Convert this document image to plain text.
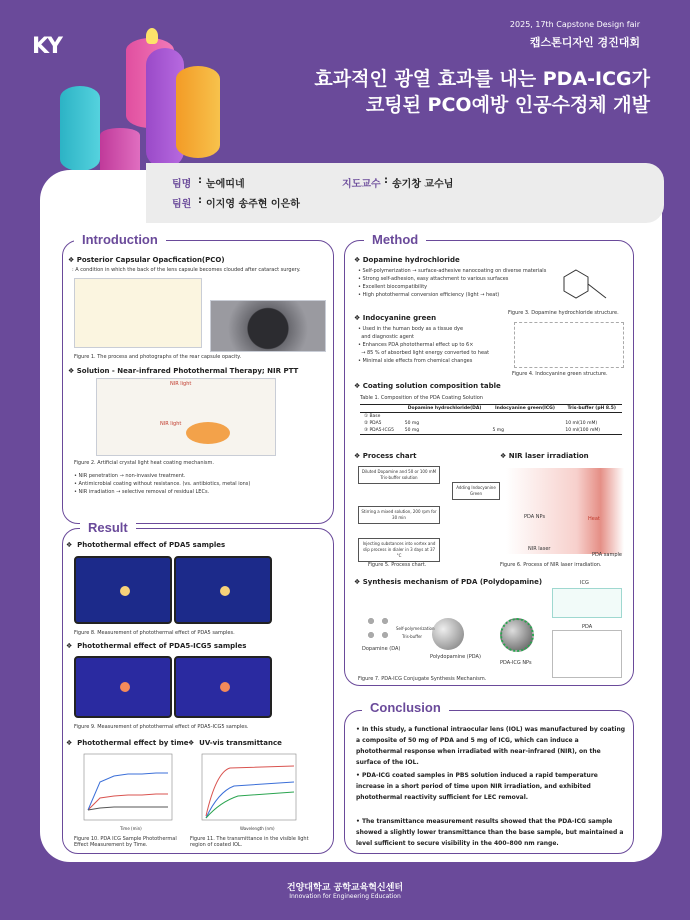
KY
2025, 17th Capstone Design fair
캡스톤디자인 경진대회
효과적인 광열 효과를 내는 PDA-ICG가
코팅된 PCO예방 인공수정체 개발
팀명 : 눈에띠네	지도교수 : 송기창 교수님
팀원 : 이지영 송주현 이은하
Introduction
❖ Posterior Capsular Opacfication(PCO)
: A condition in which the back of the lens capsule becomes clouded after cataract surgery.
Figure 1. The process and photographs of the rear capsule opacity.
❖ Solution - Near-infrared Photothermal Therapy; NIR PTT
NIR light
NIR light
Figure 2. Artificial crystal light heat coating mechanism.
• NIR penetration → non-invasive treatment.
• Antimicrobial coating without resistance. (vs. antibiotics, metal ions)
• NIR irradiation → selective removal of residual LECs.
Method
❖ Dopamine hydrochloride
• Self-polymerization → surface-adhesive nanocoating on diverse materials
• Strong self-adhesion, easy attachment to various surfaces
• Excellent biocompatibility
• High photothermal conversion efficiency (light → heat)
Figure 3. Dopamine hydrochloride structure.
❖ Indocyanine green
• Used in the human body as a tissue dye
and diagnostic agent
• Enhances PDA photothermal effect up to 6×
→ 85 % of absorbed light energy converted to heat
• Minimal side effects from chemical changes
Figure 4. Indocyanine green structure.
❖ Coating solution composition table
Table 1. Composition of the PDA Coating Solution
	Dopamine hydrochloride(DA)	Indocyanine green(ICG)	Tris-buffer (pH 8.5)
① Base			
② PDA5	50 mg		10 ml(10 mM)
③ PDA5-ICG5	50 mg	5 mg	10 ml(100 mM)
❖ Process chart
Diluted Dopamine and 50 or 100 mM Tris-buffer solution
Adding Indocyanine Green
Stirring a mixed solution, 200 rpm for 30 min
Injecting substances into vortex and slip process in dialer in 3 days at 37 °C
Figure 5. Process chart.
❖ NIR laser irradiation
PDA NPs
NIR laser
PDA sample
Heat
Figure 6. Process of NIR laser irradiation.
❖ Synthesis mechanism of PDA (Polydopamine)
Dopamine (DA)
Self-polymerization
Tris-buffer
Polydopamine (PDA)
PDA-ICG NPs
ICG
PDA
Figure 7. PDA-ICG Conjugate Synthesis Mechanism.
Result
❖  Photothermal effect of PDA5 samples
Figure 8. Measurement of photothermal effect of PDA5 samples.
❖  Photothermal effect of PDA5-ICG5 samples
Figure 9. Measurement of photothermal effect of PDA5-ICG5 samples.
❖  Photothermal effect by time ❖  UV-vis transmittance
Time (min)	Wavelength (nm)
Figure 10. PDA ICG Sample Photothermal Effect Measurement by Time.
Figure 11. The transmittance in the visible light region of coated IOL.
Conclusion
• In this study, a functional intraocular lens (IOL) was manufactured by coating a composite of 50 mg of PDA and 5 mg of ICG, which can induce a photothermal response when irradiated with near-infrared (NIR), on the surface of the IOL.
• PDA-ICG coated samples in PBS solution induced a rapid temperature increase in a short period of time upon NIR irradiation, and exhibited photothermal reactivity sufficient for LEC removal.
• The transmittance measurement results showed that the PDA-ICG sample showed a slightly lower transmittance than the base sample, but maintained a level sufficient to secure visibility in the 400–800 nm range.
건양대학교 공학교육혁신센터
Innovation for Engineering Education
